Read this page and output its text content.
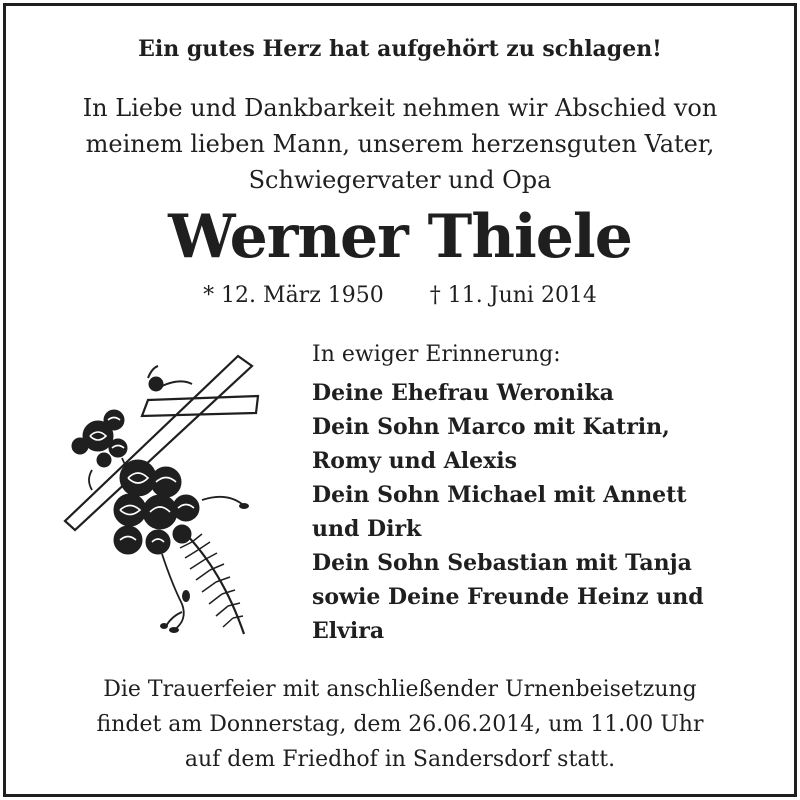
Ein gutes Herz hat aufgehört zu schlagen!
In Liebe und Dankbarkeit nehmen wir Abschied von
meinem lieben Mann, unserem herzensguten Vater,
Schwiegervater und Opa
Werner Thiele
* 12. März 1950 † 11. Juni 2014
In ewiger Erinnerung:
Deine Ehefrau Weronika
Dein Sohn Marco mit Katrin,
Romy und Alexis
Dein Sohn Michael mit Annett
und Dirk
Dein Sohn Sebastian mit Tanja
sowie Deine Freunde Heinz und
Elvira
Die Trauerfeier mit anschließender Urnenbeisetzung
findet am Donnerstag, dem 26.06.2014, um 11.00 Uhr
auf dem Friedhof in Sandersdorf statt.
